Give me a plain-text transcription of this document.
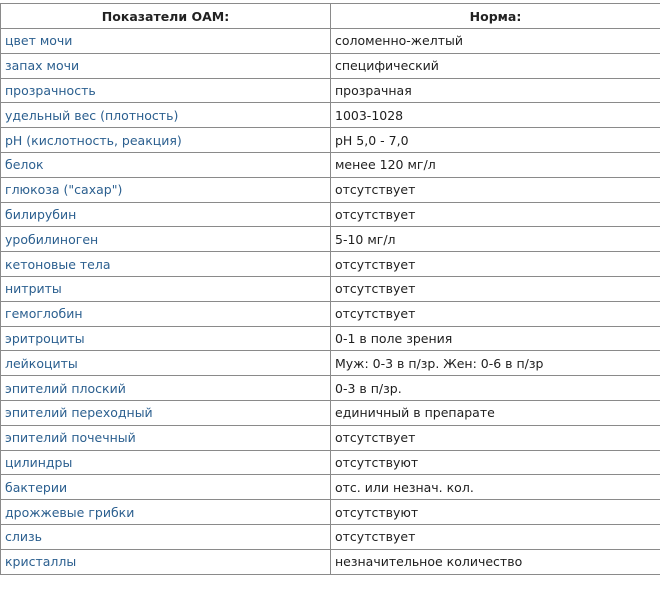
Показатели ОАМ:	Норма:
цвет мочи	соломенно-желтый
запах мочи	специфический
прозрачность	прозрачная
удельный вес (плотность)	1003-1028
pH (кислотность, реакция)	pH 5,0 - 7,0
белок	менее 120 мг/л
глюкоза ("сахар")	отсутствует
билирубин	отсутствует
уробилиноген	5-10 мг/л
кетоновые тела	отсутствует
нитриты	отсутствует
гемоглобин	отсутствует
эритроциты	0-1 в поле зрения
лейкоциты	Муж: 0-3 в п/зр. Жен: 0-6 в п/зр
эпителий плоский	0-3 в п/зр.
эпителий переходный	единичный в препарате
эпителий почечный	отсутствует
цилиндры	отсутствуют
бактерии	отс. или незнач. кол.
дрожжевые грибки	отсутствуют
слизь	отсутствует
кристаллы	незначительное количество
